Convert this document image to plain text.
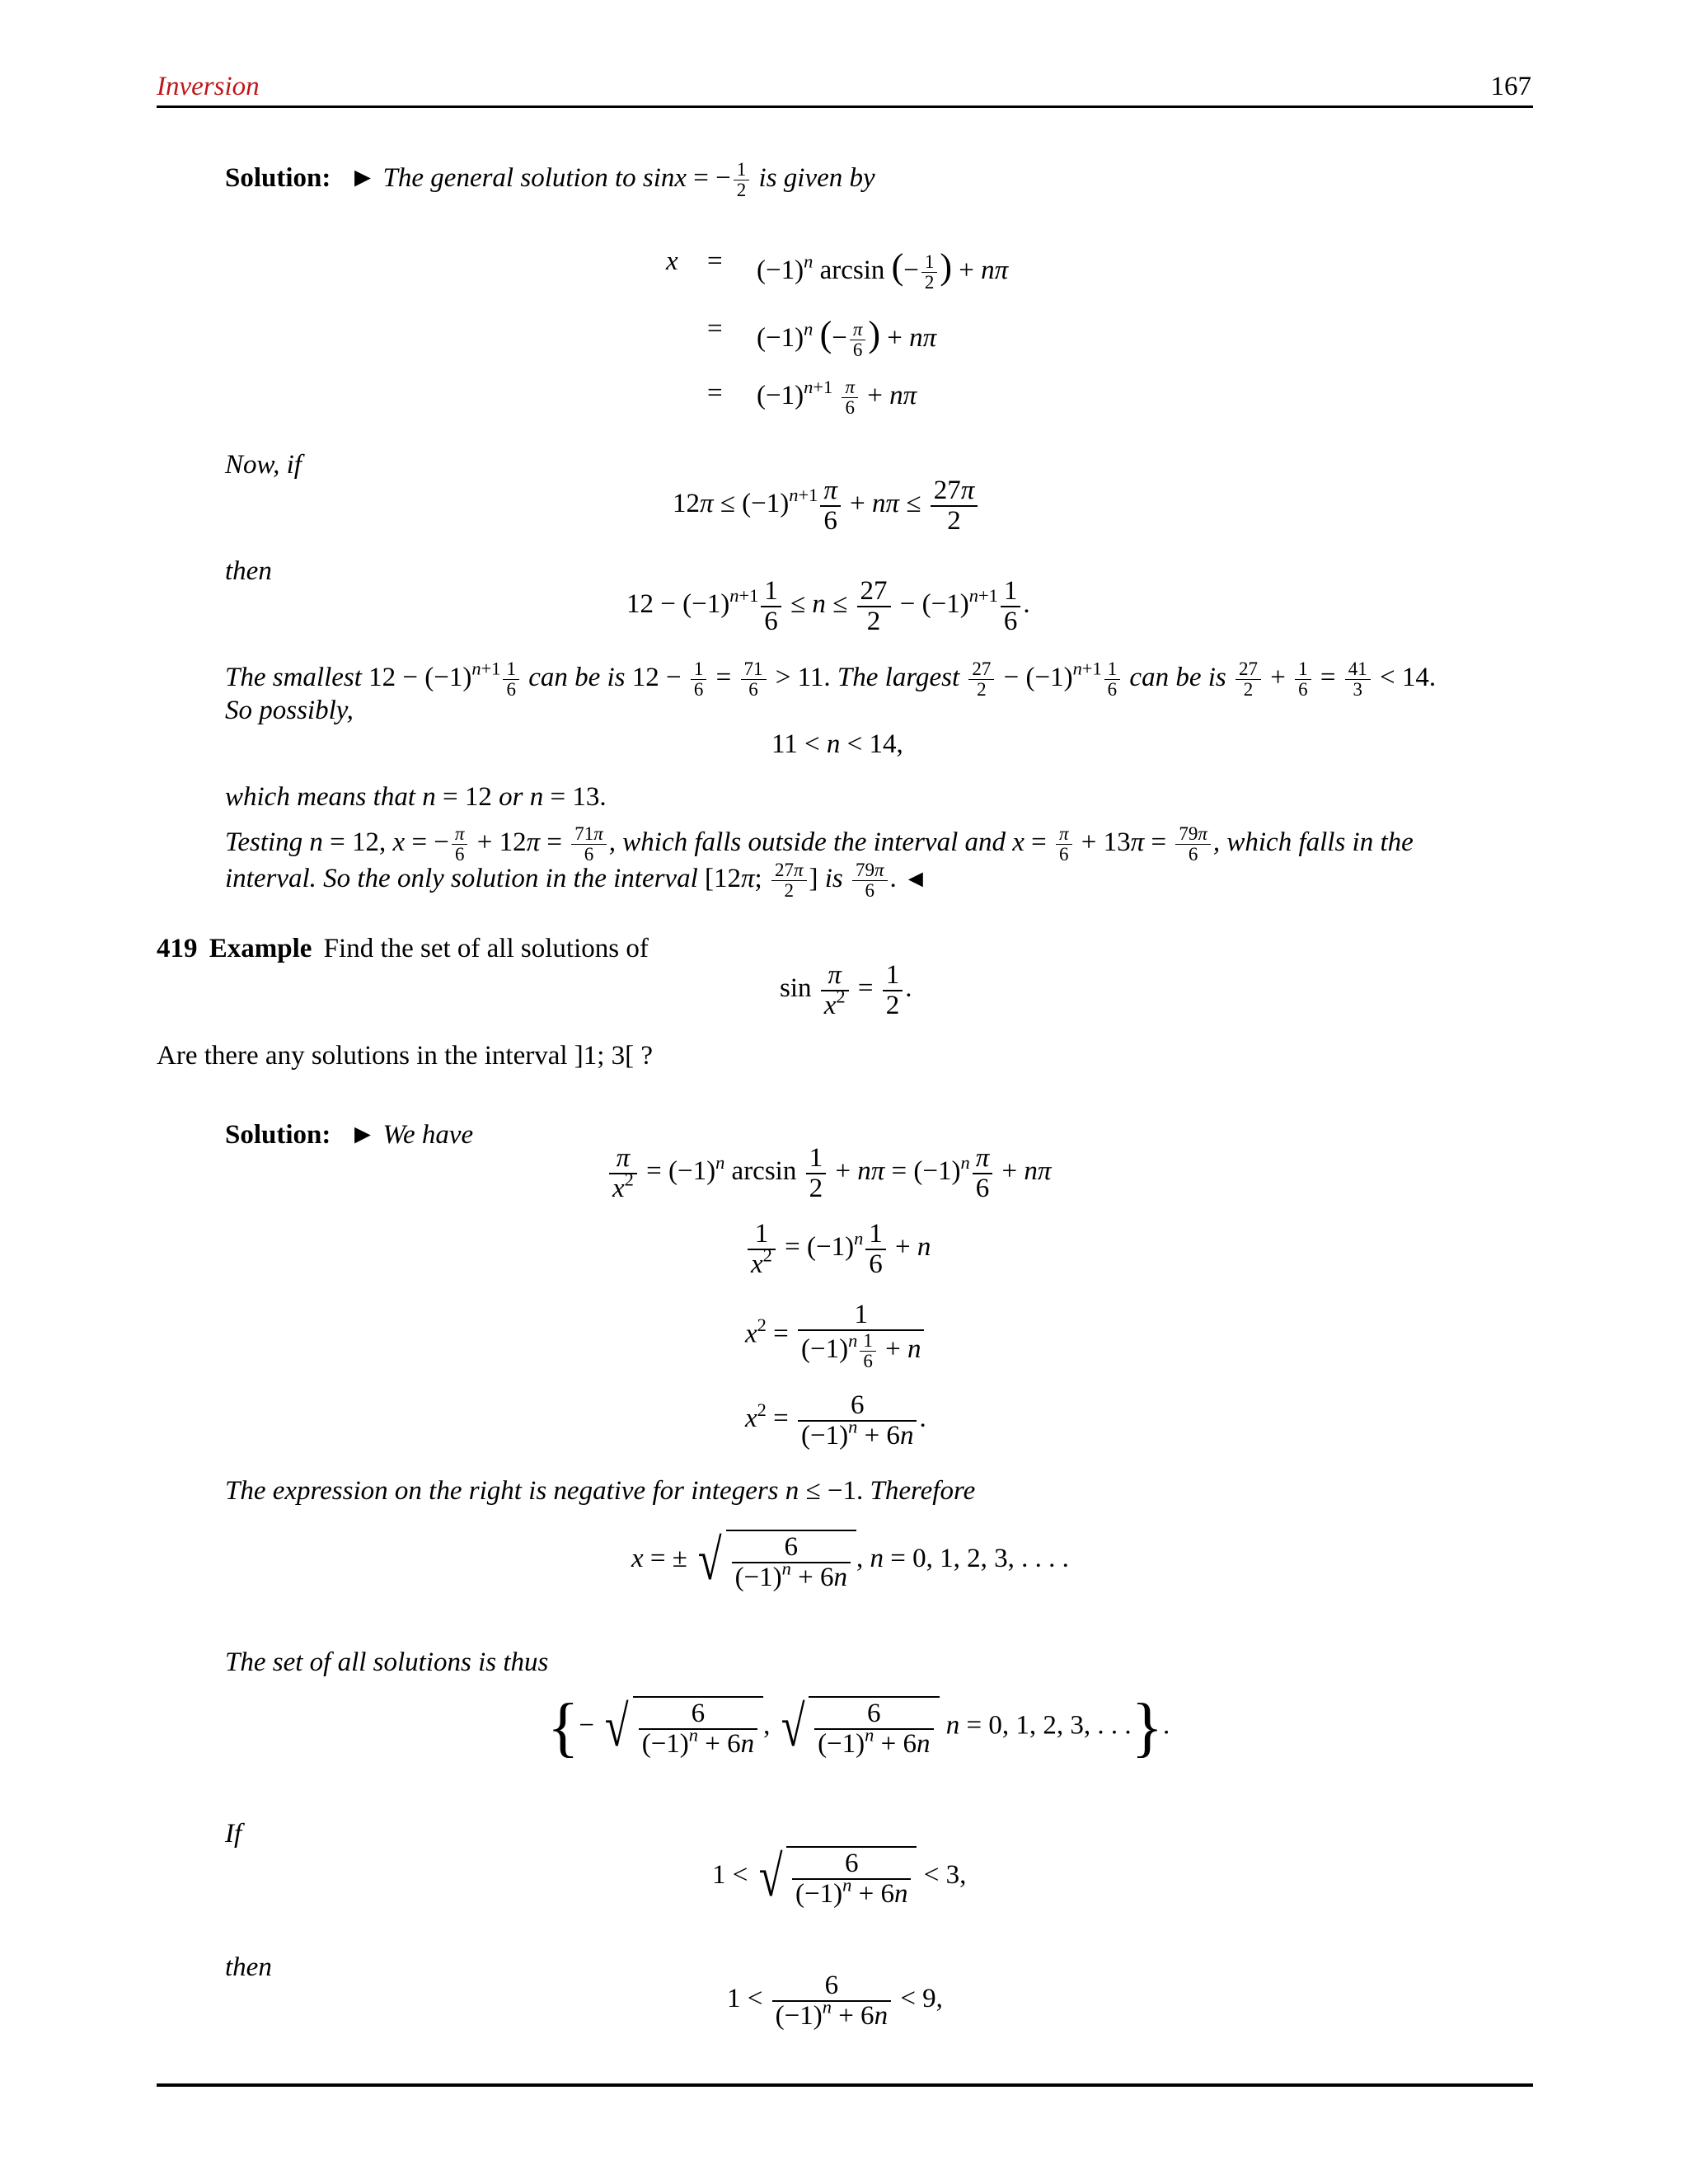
Inversion	167
Solution: ► The general solution to sinx = − $\frac{1}{2}$ is given by
$x = (-1)^n$ arcsin (− $\frac{1}{2}$ ) + nπ
= $(-1)^n$ (− $\frac{\pi}{6}$ ) + nπ
= $(-1)^{n+1} \frac{\pi}{6} + n\pi$
Now, if
$12\pi \le (-1)^{n+1} \frac{\pi}{6} + n\pi \le \frac{27\pi}{2}$
then
$12 - (-1)^{n+1} \frac{1}{6} \le n \le \frac{27}{2} - (-1)^{n+1} \frac{1}{6}$ .
The smallest $12 - (-1)^{n+1} \frac{1}{6}$ can be is $12 - \frac{1}{6} = \frac{71}{6} > 11$. The largest $\frac{27}{2} - (-1)^{n+1} \frac{1}{6}$ can be is $\frac{27}{2} + \frac{1}{6} = \frac{41}{3} < 14$.
So possibly,
11 < n < 14,
which means that n = 12 or n = 13.
Testing n = 12, x = − $\frac{\pi}{6} + 12\pi = \frac{71\pi}{6}$ , which falls outside the interval and $x = \frac{\pi}{6} + 13\pi = \frac{79\pi}{6}$ , which falls in the
interval. So the only solution in the interval [12π; $\frac{27\pi}{2}$ ] is $\frac{79\pi}{6}$ . ◄
419 Example Find the set of all solutions of
$\sin \frac{\pi}{x^2} = \frac{1}{2}$ .
Are there any solutions in the interval ]1; 3[ ?
Solution: ► We have
$\frac{\pi}{x^2} = (-1)^n$ $\arcsin \frac{1}{2} + n\pi = (-1)^n \frac{\pi}{6} + n\pi$
$\frac{1}{x^2} = (-1)^n \frac{1}{6} + n$
$x^2 = \frac{1}{(-1)^n \frac{1}{6} + n}$
$x^2 = \frac{6}{(-1)^n + 6n}$ .
The expression on the right is negative for integers n ≤ −1. Therefore
x = ± √ $\frac{6}{(-1)^n + 6n}$ , n = 0, 1, 2, 3, . . . .
The set of all solutions is thus
{− √ $\frac{6}{(-1)^n + 6n}$ , √ $\frac{6}{(-1)^n + 6n}$ n = 0, 1, 2, 3, . . .}.
If
1 < √ $\frac{6}{(-1)^n + 6n} < 3$,
then
$1 < \frac{6}{(-1)^n + 6n} < 9$,
